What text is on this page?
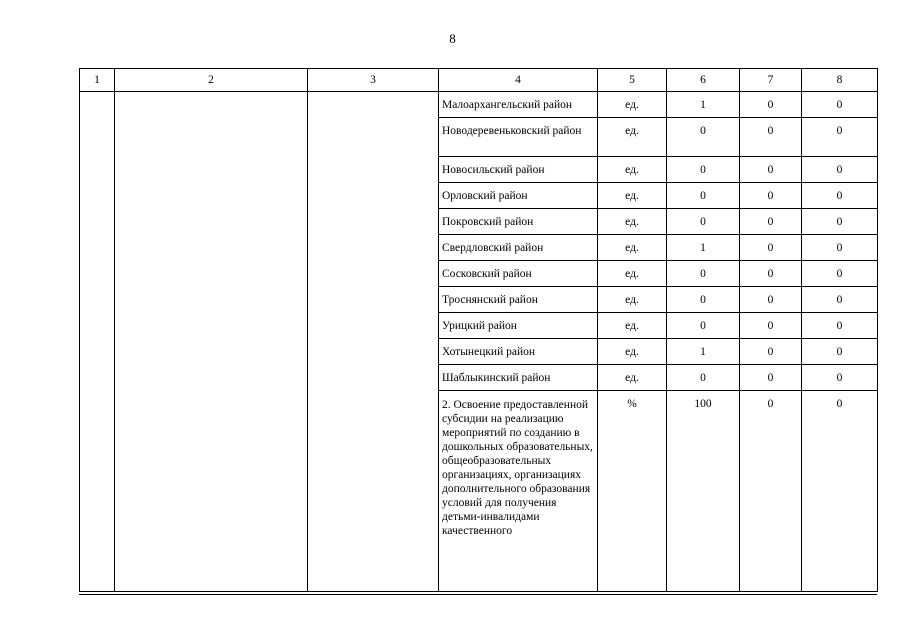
8
1	2	3	4	5	6	7	8
			Малоархангельский район	ед.	1	0	0
			Новодеревеньковский район	ед.	0	0	0
			Новосильский район	ед.	0	0	0
			Орловский район	ед.	0	0	0
			Покровский район	ед.	0	0	0
			Свердловский район	ед.	1	0	0
			Сосковский район	ед.	0	0	0
			Троснянский район	ед.	0	0	0
			Урицкий район	ед.	0	0	0
			Хотынецкий район	ед.	1	0	0
			Шаблыкинский район	ед.	0	0	0
			2. Освоение предоставленной субсидии на реализацию мероприятий по созданию в дошкольных образовательных, общеобразовательных организациях, организациях дополнительного образования условий для получения детьми-инвалидами качественного	%	100	0	0
